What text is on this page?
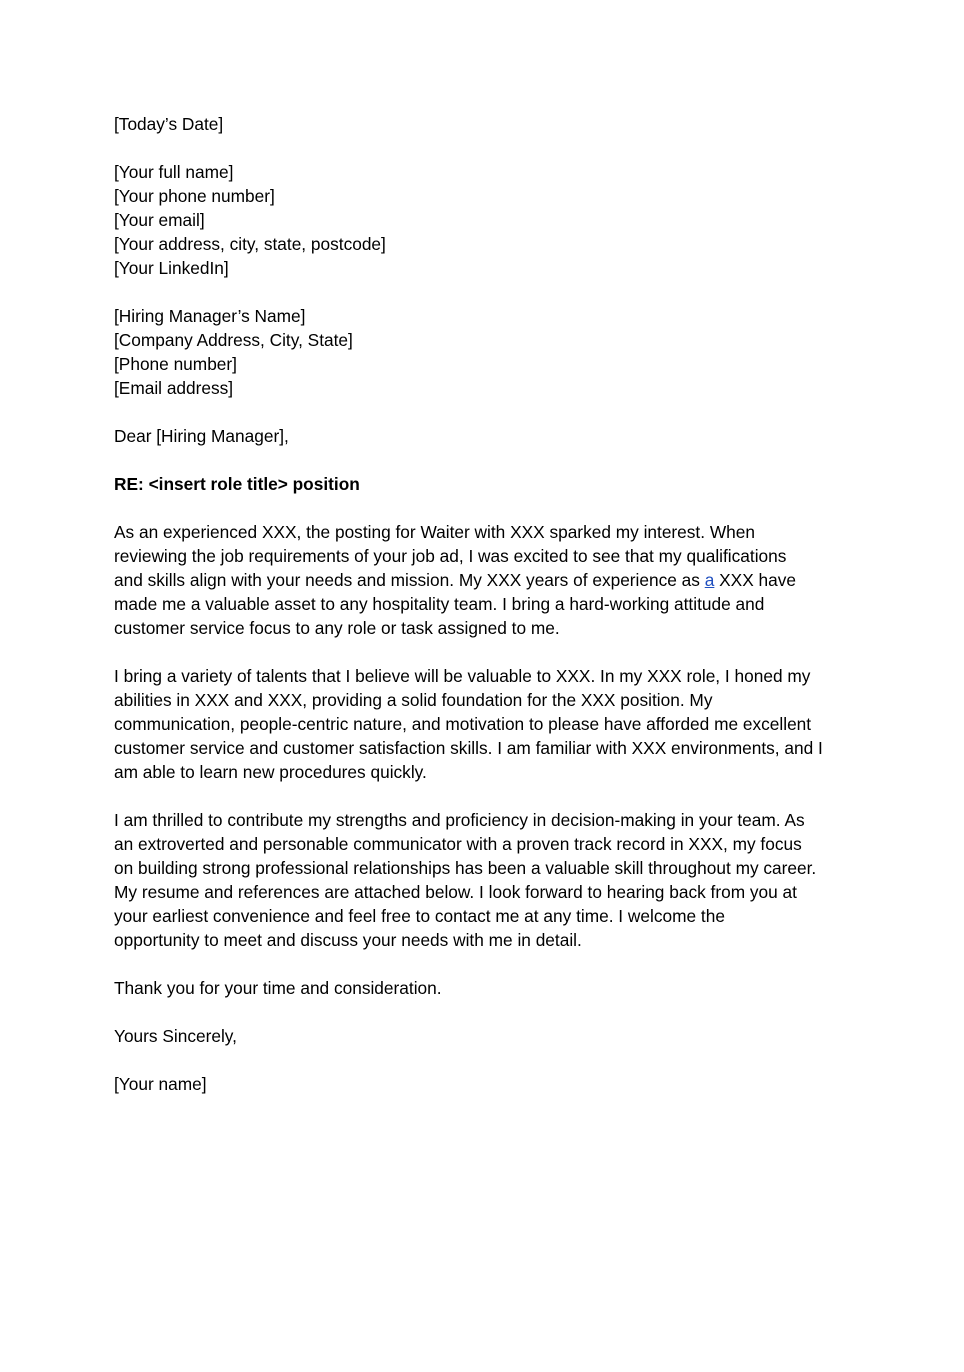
[Today’s Date]
[Your full name]
[Your phone number]
[Your email]
[Your address, city, state, postcode]
[Your LinkedIn]
[Hiring Manager’s Name]
[Company Address, City, State]
[Phone number]
[Email address]
Dear [Hiring Manager],
RE: <insert role title> position
As an experienced XXX, the posting for Waiter with XXX sparked my interest. When
reviewing the job requirements of your job ad, I was excited to see that my qualifications
and skills align with your needs and mission. My XXX years of experience as a XXX have
made me a valuable asset to any hospitality team. I bring a hard-working attitude and
customer service focus to any role or task assigned to me.
I bring a variety of talents that I believe will be valuable to XXX. In my XXX role, I honed my
abilities in XXX and XXX, providing a solid foundation for the XXX position. My
communication, people-centric nature, and motivation to please have afforded me excellent
customer service and customer satisfaction skills. I am familiar with XXX environments, and I
am able to learn new procedures quickly.
I am thrilled to contribute my strengths and proficiency in decision-making in your team. As
an extroverted and personable communicator with a proven track record in XXX, my focus
on building strong professional relationships has been a valuable skill throughout my career.
My resume and references are attached below. I look forward to hearing back from you at
your earliest convenience and feel free to contact me at any time. I welcome the
opportunity to meet and discuss your needs with me in detail.
Thank you for your time and consideration.
Yours Sincerely,
[Your name]
